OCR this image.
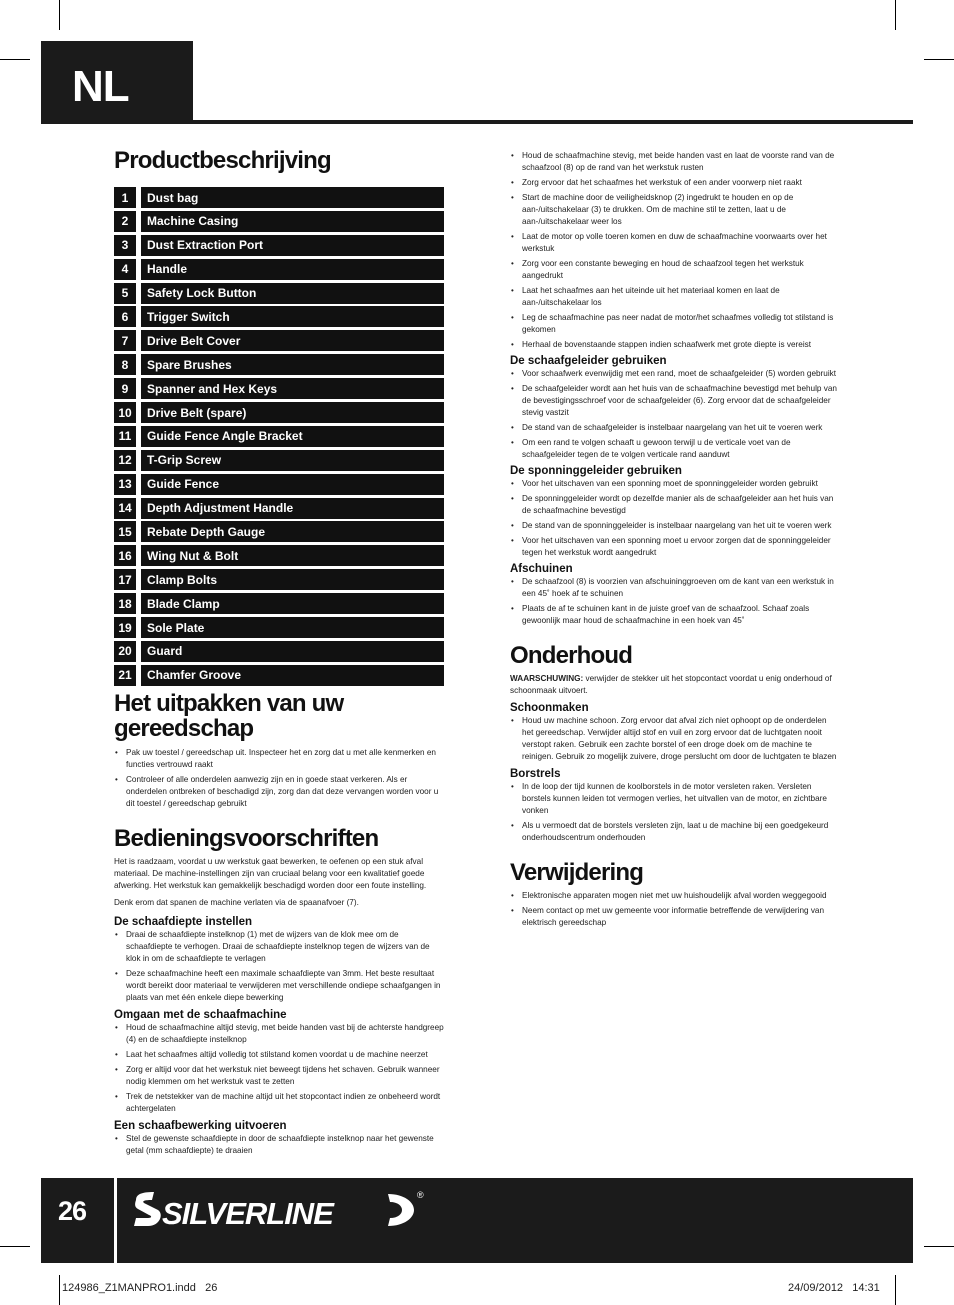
NL
Productbeschrijving
1	Dust bag
2	Machine Casing
3	Dust Extraction Port
4	Handle
5	Safety Lock Button
6	Trigger Switch
7	Drive Belt Cover
8	Spare Brushes
9	Spanner and Hex Keys
10	Drive Belt (spare)
11	Guide Fence Angle Bracket
12	T-Grip Screw
13	Guide Fence
14	Depth Adjustment Handle
15	Rebate Depth Gauge
16	Wing Nut & Bolt
17	Clamp Bolts
18	Blade Clamp
19	Sole Plate
20	Guard
21	Chamfer Groove
Het uitpakken van uw gereedschap
• Pak uw toestel / gereedschap uit. Inspecteer het en zorg dat u met alle kenmerken en functies vertrouwd raakt
• Controleer of alle onderdelen aanwezig zijn en in goede staat verkeren. Als er onderdelen ontbreken of beschadigd zijn, zorg dan dat deze vervangen worden voor u dit toestel / gereedschap gebruikt
Bedieningsvoorschriften
Het is raadzaam, voordat u uw werkstuk gaat bewerken, te oefenen op een stuk afval materiaal. De machine-instellingen zijn van cruciaal belang voor een kwalitatief goede afwerking. Het werkstuk kan gemakkelijk beschadigd worden door een foute instelling.
Denk erom dat spanen de machine verlaten via de spaanafvoer (7).
De schaafdiepte instellen
• Draai de schaafdiepte instelknop (1) met de wijzers van de klok mee om de schaafdiepte te verhogen. Draai de schaafdiepte instelknop tegen de wijzers van de klok in om de schaafdiepte te verlagen
• Deze schaafmachine heeft een maximale schaafdiepte van 3mm. Het beste resultaat wordt bereikt door materiaal te verwijderen met verschillende ondiepe schaafgangen in plaats van met één enkele diepe bewerking
Omgaan met de schaafmachine
• Houd de schaafmachine altijd stevig, met beide handen vast bij de achterste handgreep (4) en de schaafdiepte instelknop
• Laat het schaafmes altijd volledig tot stilstand komen voordat u de machine neerzet
• Zorg er altijd voor dat het werkstuk niet beweegt tijdens het schaven. Gebruik wanneer nodig klemmen om het werkstuk vast te zetten
• Trek de netstekker van de machine altijd uit het stopcontact indien ze onbeheerd wordt achtergelaten
Een schaafbewerking uitvoeren
• Stel de gewenste schaafdiepte in door de schaafdiepte instelknop naar het gewenste getal (mm schaafdiepte) te draaien
• Houd de schaafmachine stevig, met beide handen vast en laat de voorste rand van de schaafzool (8) op de rand van het werkstuk rusten
• Zorg ervoor dat het schaafmes het werkstuk of een ander voorwerp niet raakt
• Start de machine door de veiligheidsknop (2) ingedrukt te houden en op de aan-/uitschakelaar (3) te drukken. Om de machine stil te zetten, laat u de aan-/uitschakelaar weer los
• Laat de motor op volle toeren komen en duw de schaafmachine voorwaarts over het werkstuk
• Zorg voor een constante beweging en houd de schaafzool tegen het werkstuk aangedrukt
• Laat het schaafmes aan het uiteinde uit het materiaal komen en laat de aan-/uitschakelaar los
• Leg de schaafmachine pas neer nadat de motor/het schaafmes volledig tot stilstand is gekomen
• Herhaal de bovenstaande stappen indien schaafwerk met grote diepte is vereist
De schaafgeleider gebruiken
• Voor schaafwerk evenwijdig met een rand, moet de schaafgeleider (5) worden gebruikt
• De schaafgeleider wordt aan het huis van de schaafmachine bevestigd met behulp van de bevestigingsschroef voor de schaafgeleider (6). Zorg ervoor dat de schaafgeleider stevig vastzit
• De stand van de schaafgeleider is instelbaar naargelang van het uit te voeren werk
• Om een rand te volgen schaaft u gewoon terwijl u de verticale voet van de schaafgeleider tegen de te volgen verticale rand aanduwt
De sponninggeleider gebruiken
• Voor het uitschaven van een sponning moet de sponninggeleider worden gebruikt
• De sponninggeleider wordt op dezelfde manier als de schaafgeleider aan het huis van de schaafmachine bevestigd
• De stand van de sponninggeleider is instelbaar naargelang van het uit te voeren werk
• Voor het uitschaven van een sponning moet u ervoor zorgen dat de sponninggeleider tegen het werkstuk wordt aangedrukt
Afschuinen
• De schaafzool (8) is voorzien van afschuininggroeven om de kant van een werkstuk in een 45˚ hoek af te schuinen
• Plaats de af te schuinen kant in de juiste groef van de schaafzool. Schaaf zoals gewoonlijk maar houd de schaafmachine in een hoek van 45˚
Onderhoud
WAARSCHUWING: verwijder de stekker uit het stopcontact voordat u enig onderhoud of schoonmaak uitvoert.
Schoonmaken
• Houd uw machine schoon. Zorg ervoor dat afval zich niet ophoopt op de onderdelen het gereedschap. Verwijder altijd stof en vuil en zorg ervoor dat de luchtgaten nooit verstopt raken. Gebruik een zachte borstel of een droge doek om de machine te reinigen. Gebruik zo mogelijk zuivere, droge perslucht om door de luchtgaten te blazen
Borstrels
• In de loop der tijd kunnen de koolborstels in de motor versleten raken. Versleten borstels kunnen leiden tot vermogen verlies, het uitvallen van de motor, en zichtbare vonken
• Als u vermoedt dat de borstels versleten zijn, laat u de machine bij een goedgekeurd onderhoudscentrum onderhouden
Verwijdering
• Elektronische apparaten mogen niet met uw huishoudelijk afval worden weggegooid
• Neem contact op met uw gemeente voor informatie betreffende de verwijdering van elektrisch gereedschap
26 SILVERLINE
®
124986_Z1MANPRO1.indd   26	24/09/2012   14:31
